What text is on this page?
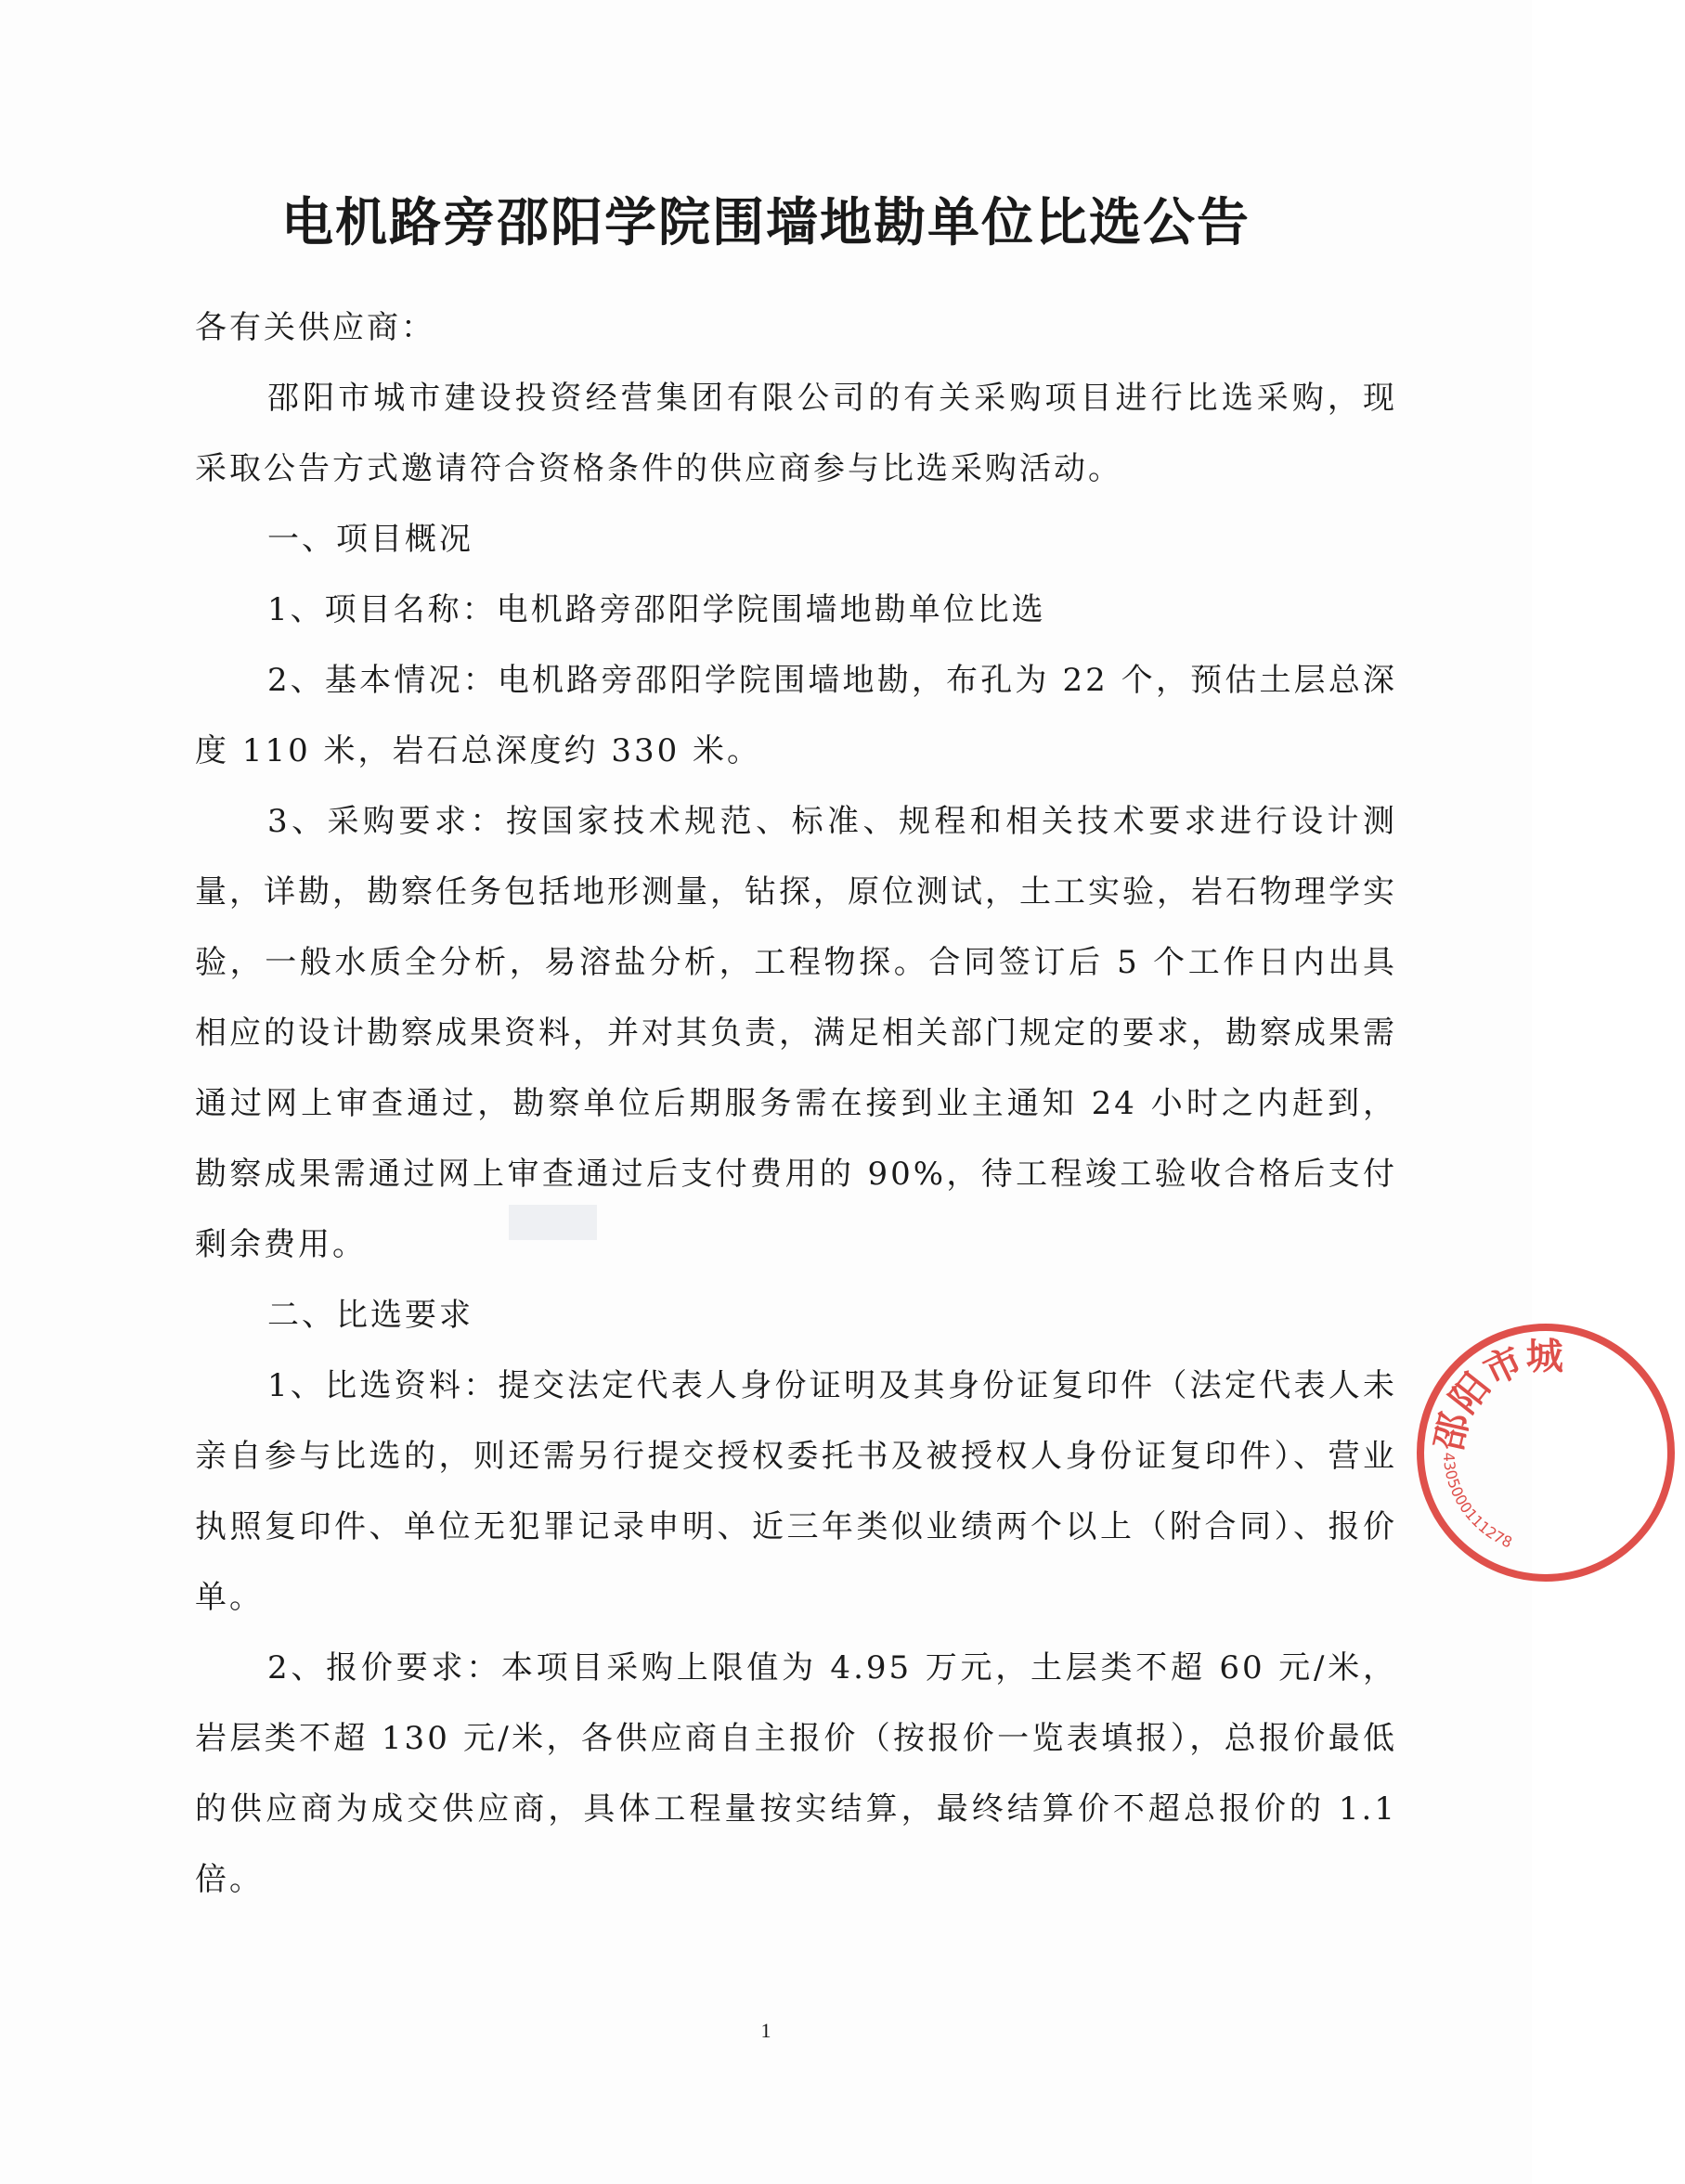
电机路旁邵阳学院围墙地勘单位比选公告

各有关供应商：

邵阳市城市建设投资经营集团有限公司的有关采购项目进行比选采购，现采取公告方式邀请符合资格条件的供应商参与比选采购活动。

一、项目概况

1、项目名称：电机路旁邵阳学院围墙地勘单位比选

2、基本情况：电机路旁邵阳学院围墙地勘，布孔为 22 个，预估土层总深度 110 米，岩石总深度约 330 米。

3、采购要求：按国家技术规范、标准、规程和相关技术要求进行设计测量，详勘，勘察任务包括地形测量，钻探，原位测试，土工实验，岩石物理学实验，一般水质全分析，易溶盐分析，工程物探。合同签订后 5 个工作日内出具相应的设计勘察成果资料，并对其负责，满足相关部门规定的要求，勘察成果需通过网上审查通过，勘察单位后期服务需在接到业主通知 24 小时之内赶到，勘察成果需通过网上审查通过后支付费用的 90%，待工程竣工验收合格后支付剩余费用。

二、比选要求

1、比选资料：提交法定代表人身份证明及其身份证复印件（法定代表人未亲自参与比选的，则还需另行提交授权委托书及被授权人身份证复印件）、营业执照复印件、单位无犯罪记录申明、近三年类似业绩两个以上（附合同）、报价单。

2、报价要求：本项目采购上限值为 4.95 万元，土层类不超 60 元/米，岩层类不超 130 元/米，各供应商自主报价（按报价一览表填报），总报价最低的供应商为成交供应商，具体工程量按实结算，最终结算价不超总报价的 1.1 倍。

邵阳市城
4305000111278
1
